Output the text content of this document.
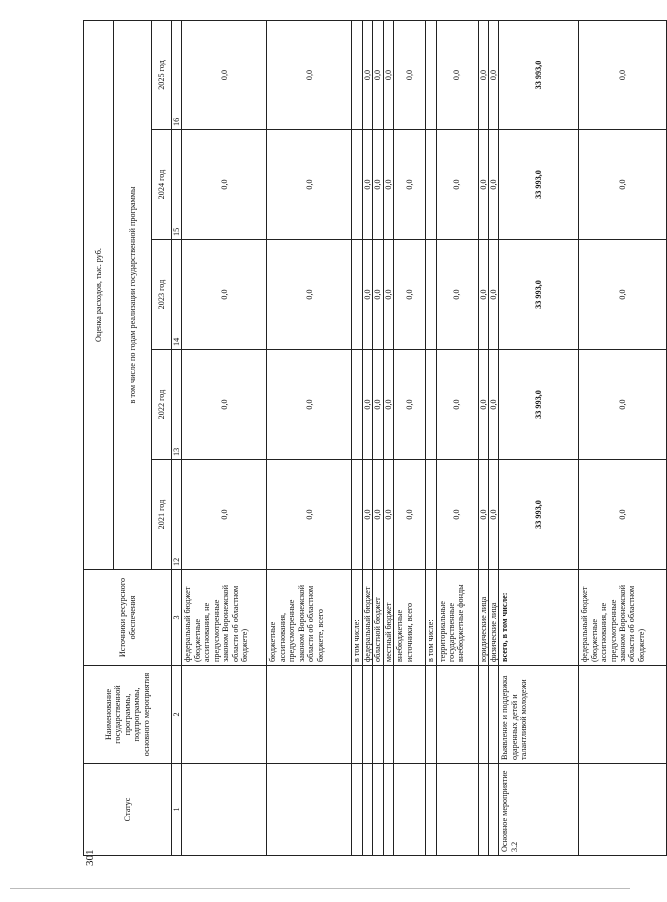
301
Статус	Наименование государственной программы, подпрограммы, основного мероприятия	Источники ресурсного обеспечения	Оценка расходов, тыс. руб.				
			в том числе по годам реализации государственной программы				
			2021 год	2022 год	2023 год	2024 год	2025 год
1	2	3	12	13	14	15	16
		федеральный бюджет (бюджетные ассигнования, не предусмотренные законом Воронежской области об областном бюджете)	0,0	0,0	0,0	0,0	0,0
		бюджетные ассигнования, предусмотренные законом Воронежской области об областном бюджете, всего	0,0	0,0	0,0	0,0	0,0
		в том числе:					
		федеральный бюджет	0,0	0,0	0,0	0,0	0,0
		областной бюджет	0,0	0,0	0,0	0,0	0,0
		местный бюджет	0,0	0,0	0,0	0,0	0,0
		внебюджетные источники, всего	0,0	0,0	0,0	0,0	0,0
		в том числе:					
		территориальные государственные внебюджетные фонды	0,0	0,0	0,0	0,0	0,0
		юридические лица	0,0	0,0	0,0	0,0	0,0
		физические лица	0,0	0,0	0,0	0,0	0,0
Основное мероприятие 3.2	Выявление и поддержка одаренных детей и талантливой молодежи	всего, в том числе:	33 993,0	33 993,0	33 993,0	33 993,0	33 993,0
		федеральный бюджет (бюджетные ассигнования, не предусмотренные законом Воронежской области об областном бюджете)	0,0	0,0	0,0	0,0	0,0
